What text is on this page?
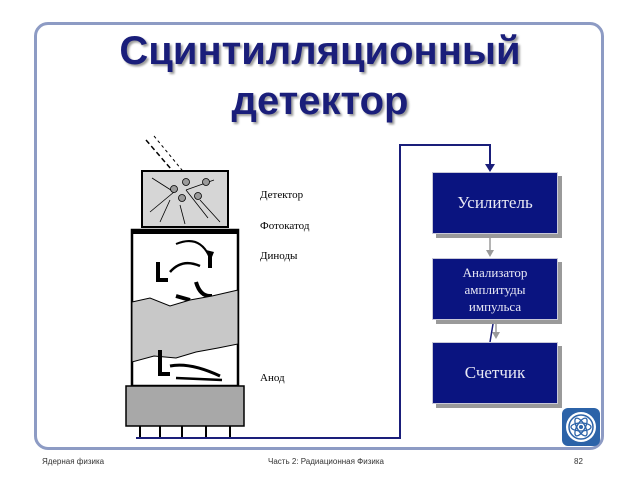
Сцинтилляционный
детектор
Детектор
Фотокатод
Диноды
Анод
Усилитель
Анализатор амплитуды импульса
Счетчик
Ядерная физика	Часть 2: Радиационная Физика	82
